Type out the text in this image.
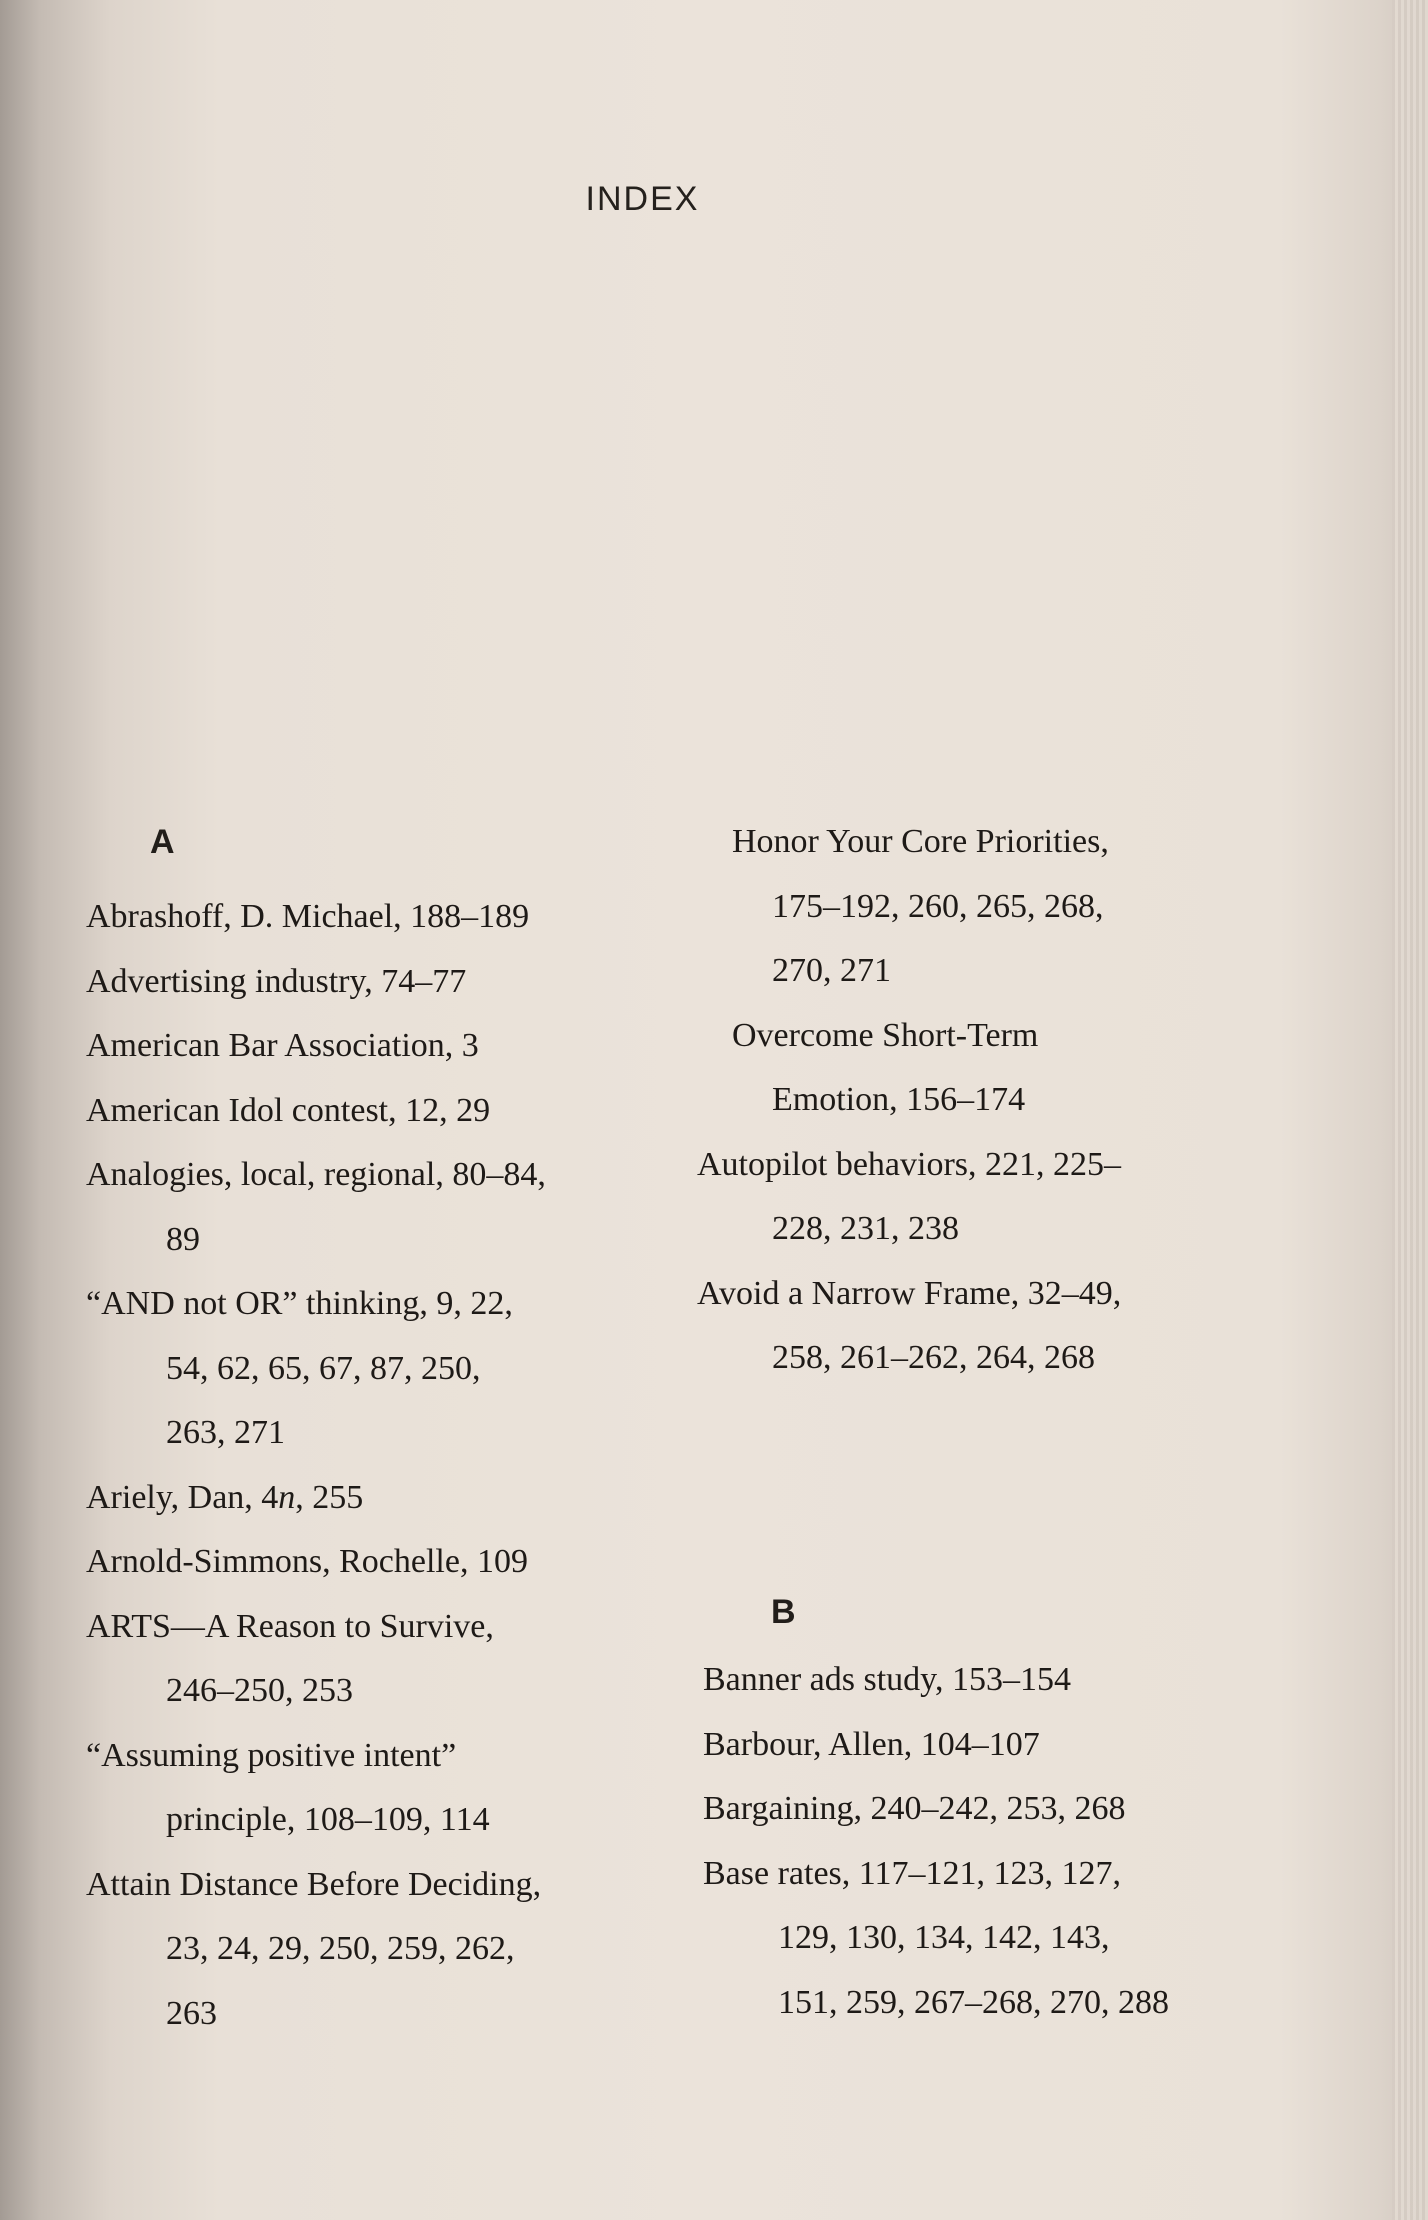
INDEX
A
Abrashoff, D. Michael, 188–189
Advertising industry, 74–77
American Bar Association, 3
American Idol contest, 12, 29
Analogies, local, regional, 80–84,
89
“AND not OR” thinking, 9, 22,
54, 62, 65, 67, 87, 250,
263, 271
Ariely, Dan, 4n, 255
Arnold-Simmons, Rochelle, 109
ARTS—A Reason to Survive,
246–250, 253
“Assuming positive intent”
principle, 108–109, 114
Attain Distance Before Deciding,
23, 24, 29, 250, 259, 262,
263
Honor Your Core Priorities,
175–192, 260, 265, 268,
270, 271
Overcome Short-Term
Emotion, 156–174
Autopilot behaviors, 221, 225–
228, 231, 238
Avoid a Narrow Frame, 32–49,
258, 261–262, 264, 268
B
Banner ads study, 153–154
Barbour, Allen, 104–107
Bargaining, 240–242, 253, 268
Base rates, 117–121, 123, 127,
129, 130, 134, 142, 143,
151, 259, 267–268, 270, 288
